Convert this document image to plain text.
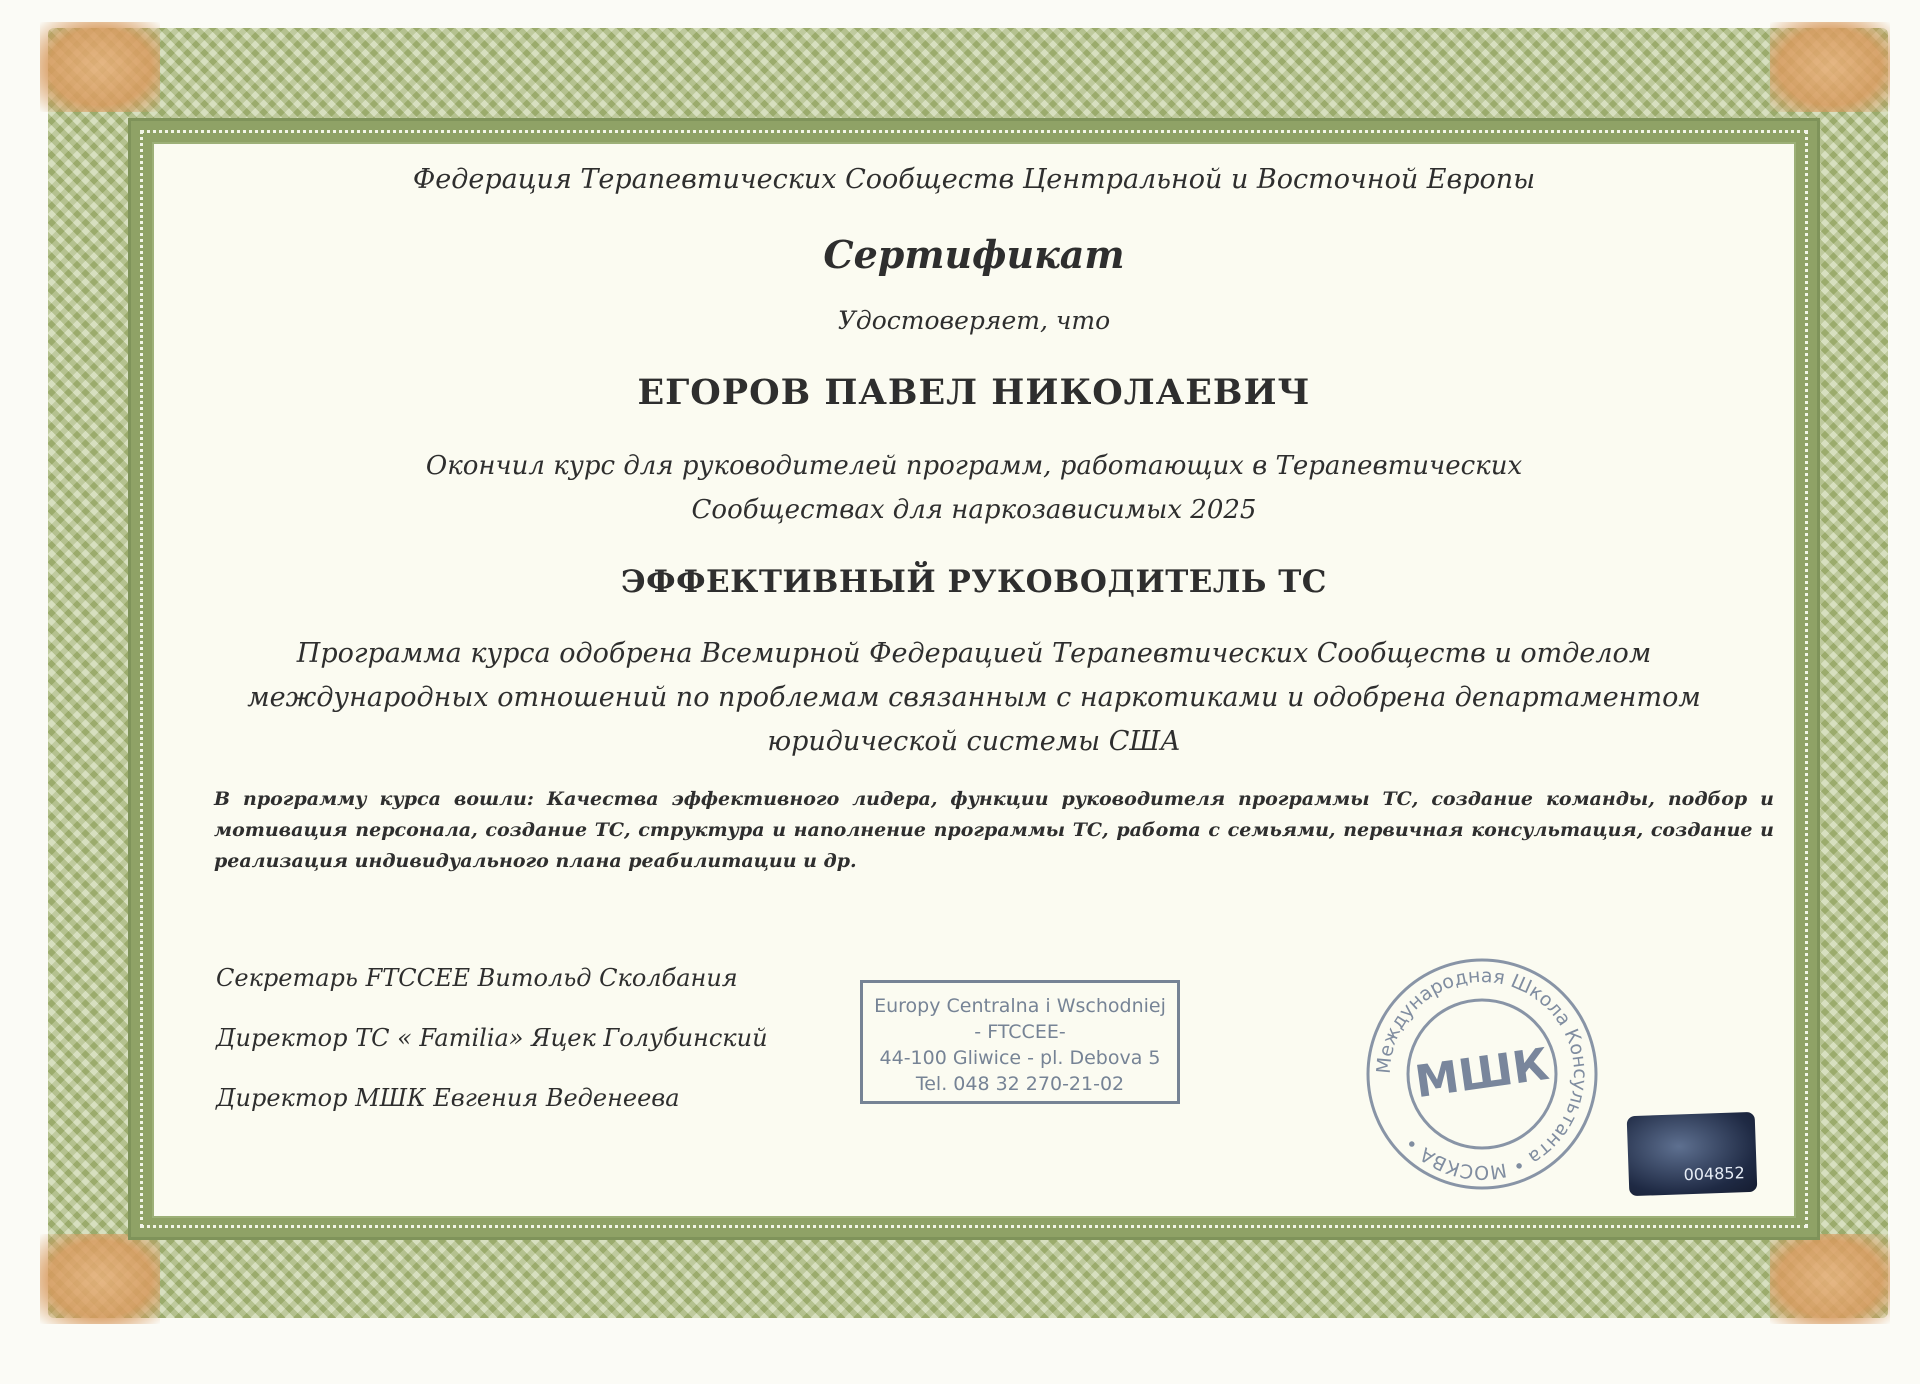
Федерация Терапевтических Сообществ Центральной и Восточной Европы
Сертификат
Удостоверяет, что
ЕГОРОВ ПАВЕЛ НИКОЛАЕВИЧ
Окончил курс для руководителей программ, работающих в Терапевтических Сообществах для наркозависимых 2025
ЭФФЕКТИВНЫЙ РУКОВОДИТЕЛЬ ТС
Программа курса одобрена Всемирной Федерацией Терапевтических Сообществ и отделом международных отношений по проблемам связанным с наркотиками и одобрена департаментом юридической системы США
В программу курса вошли: Качества эффективного лидера, функции руководителя программы ТС, создание команды, подбор и мотивация персонала, создание ТС, структура и наполнение программы ТС, работа с семьями, первичная консультация, создание и реализация индивидуального плана реабилитации и др.
Секретарь FTCCEE Витольд Сколбания
Директор ТС « Familia» Яцек Голубинский
Директор МШК Евгения Веденеева
Europy Centralna i Wschodniej
- FTCCEE-
44-100 Gliwice - pl. Debova 5
Tel. 048 32 270-21-02
Международная Школа Консультанта • МОСКВА •
МШК
004852
